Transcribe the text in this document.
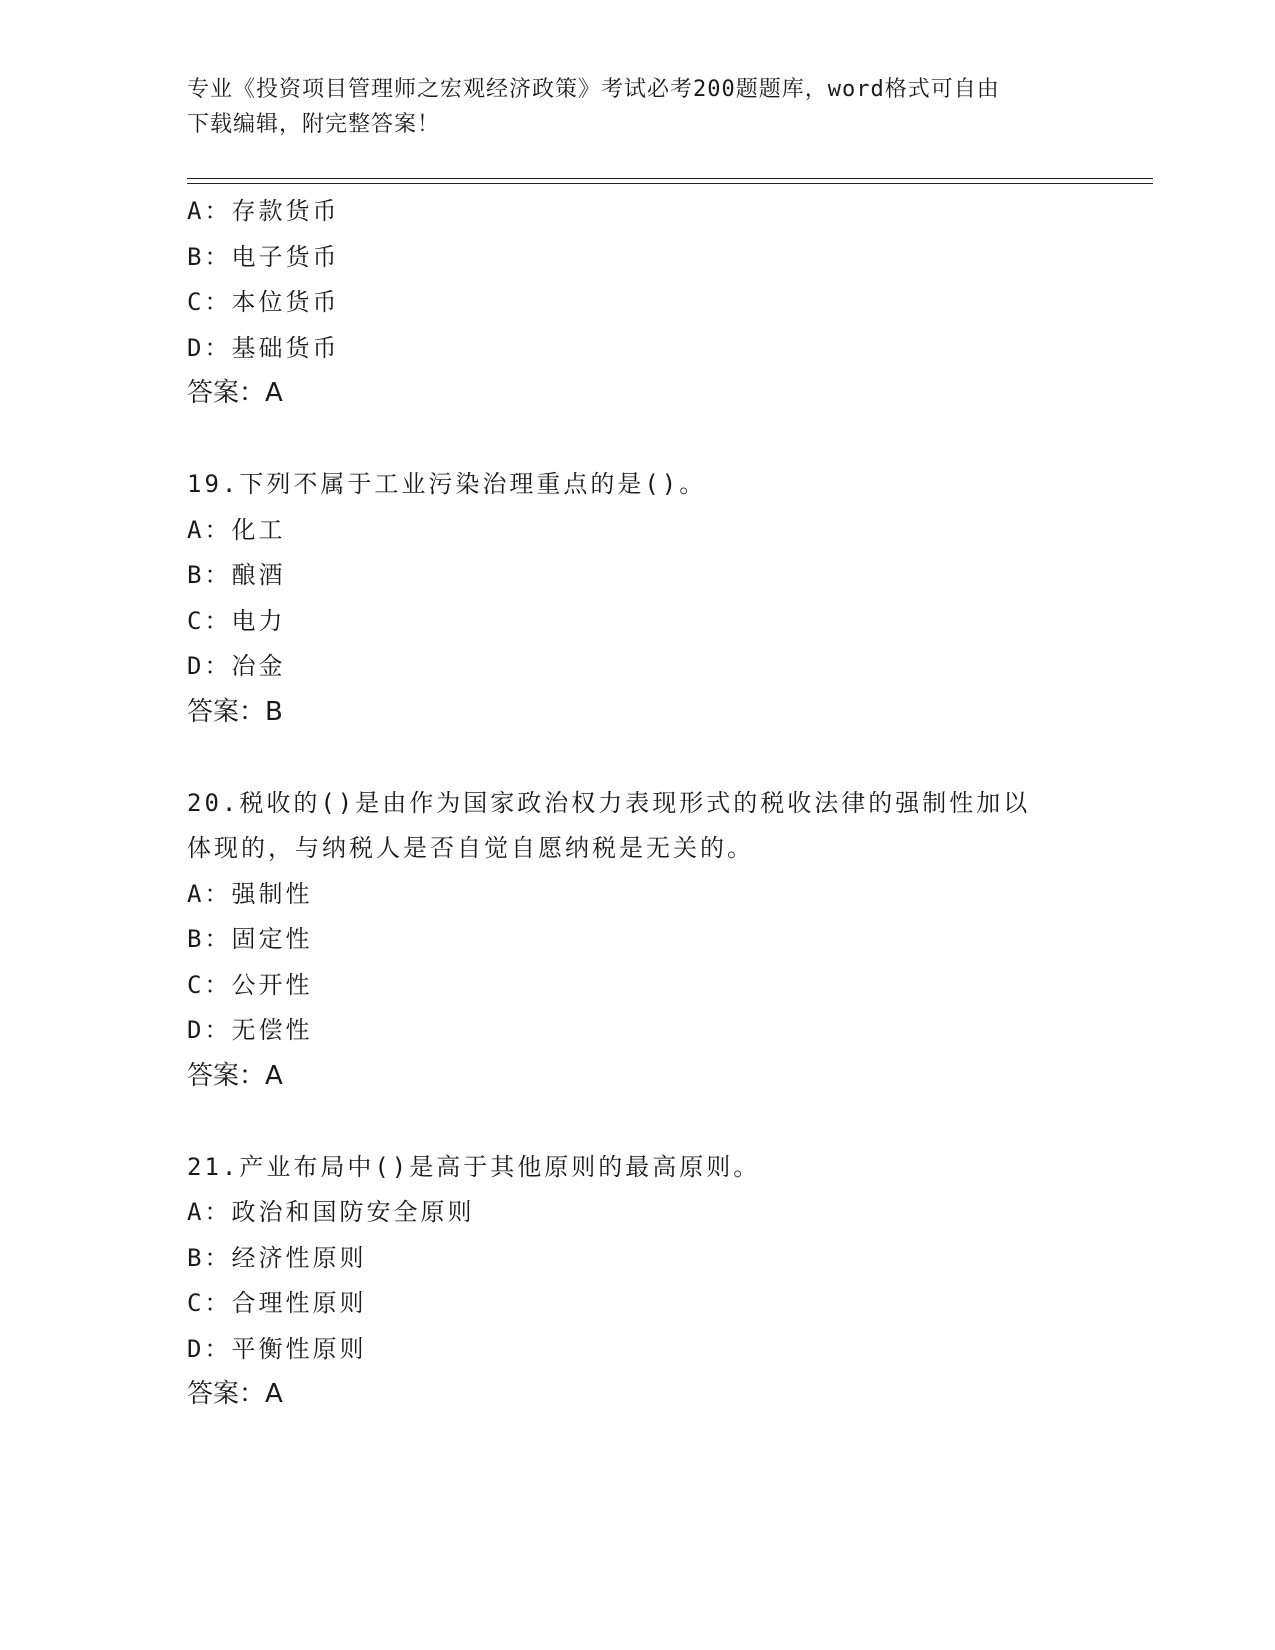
专业《投资项目管理师之宏观经济政策》考试必考200题题库，word格式可自由
下载编辑，附完整答案！
A：存款货币
B：电子货币
C：本位货币
D：基础货币
答案：A
19.下列不属于工业污染治理重点的是()。
A：化工
B：酿酒
C：电力
D：冶金
答案：B
20.税收的()是由作为国家政治权力表现形式的税收法律的强制性加以
体现的，与纳税人是否自觉自愿纳税是无关的。
A：强制性
B：固定性
C：公开性
D：无偿性
答案：A
21.产业布局中()是高于其他原则的最高原则。
A：政治和国防安全原则
B：经济性原则
C：合理性原则
D：平衡性原则
答案：A
